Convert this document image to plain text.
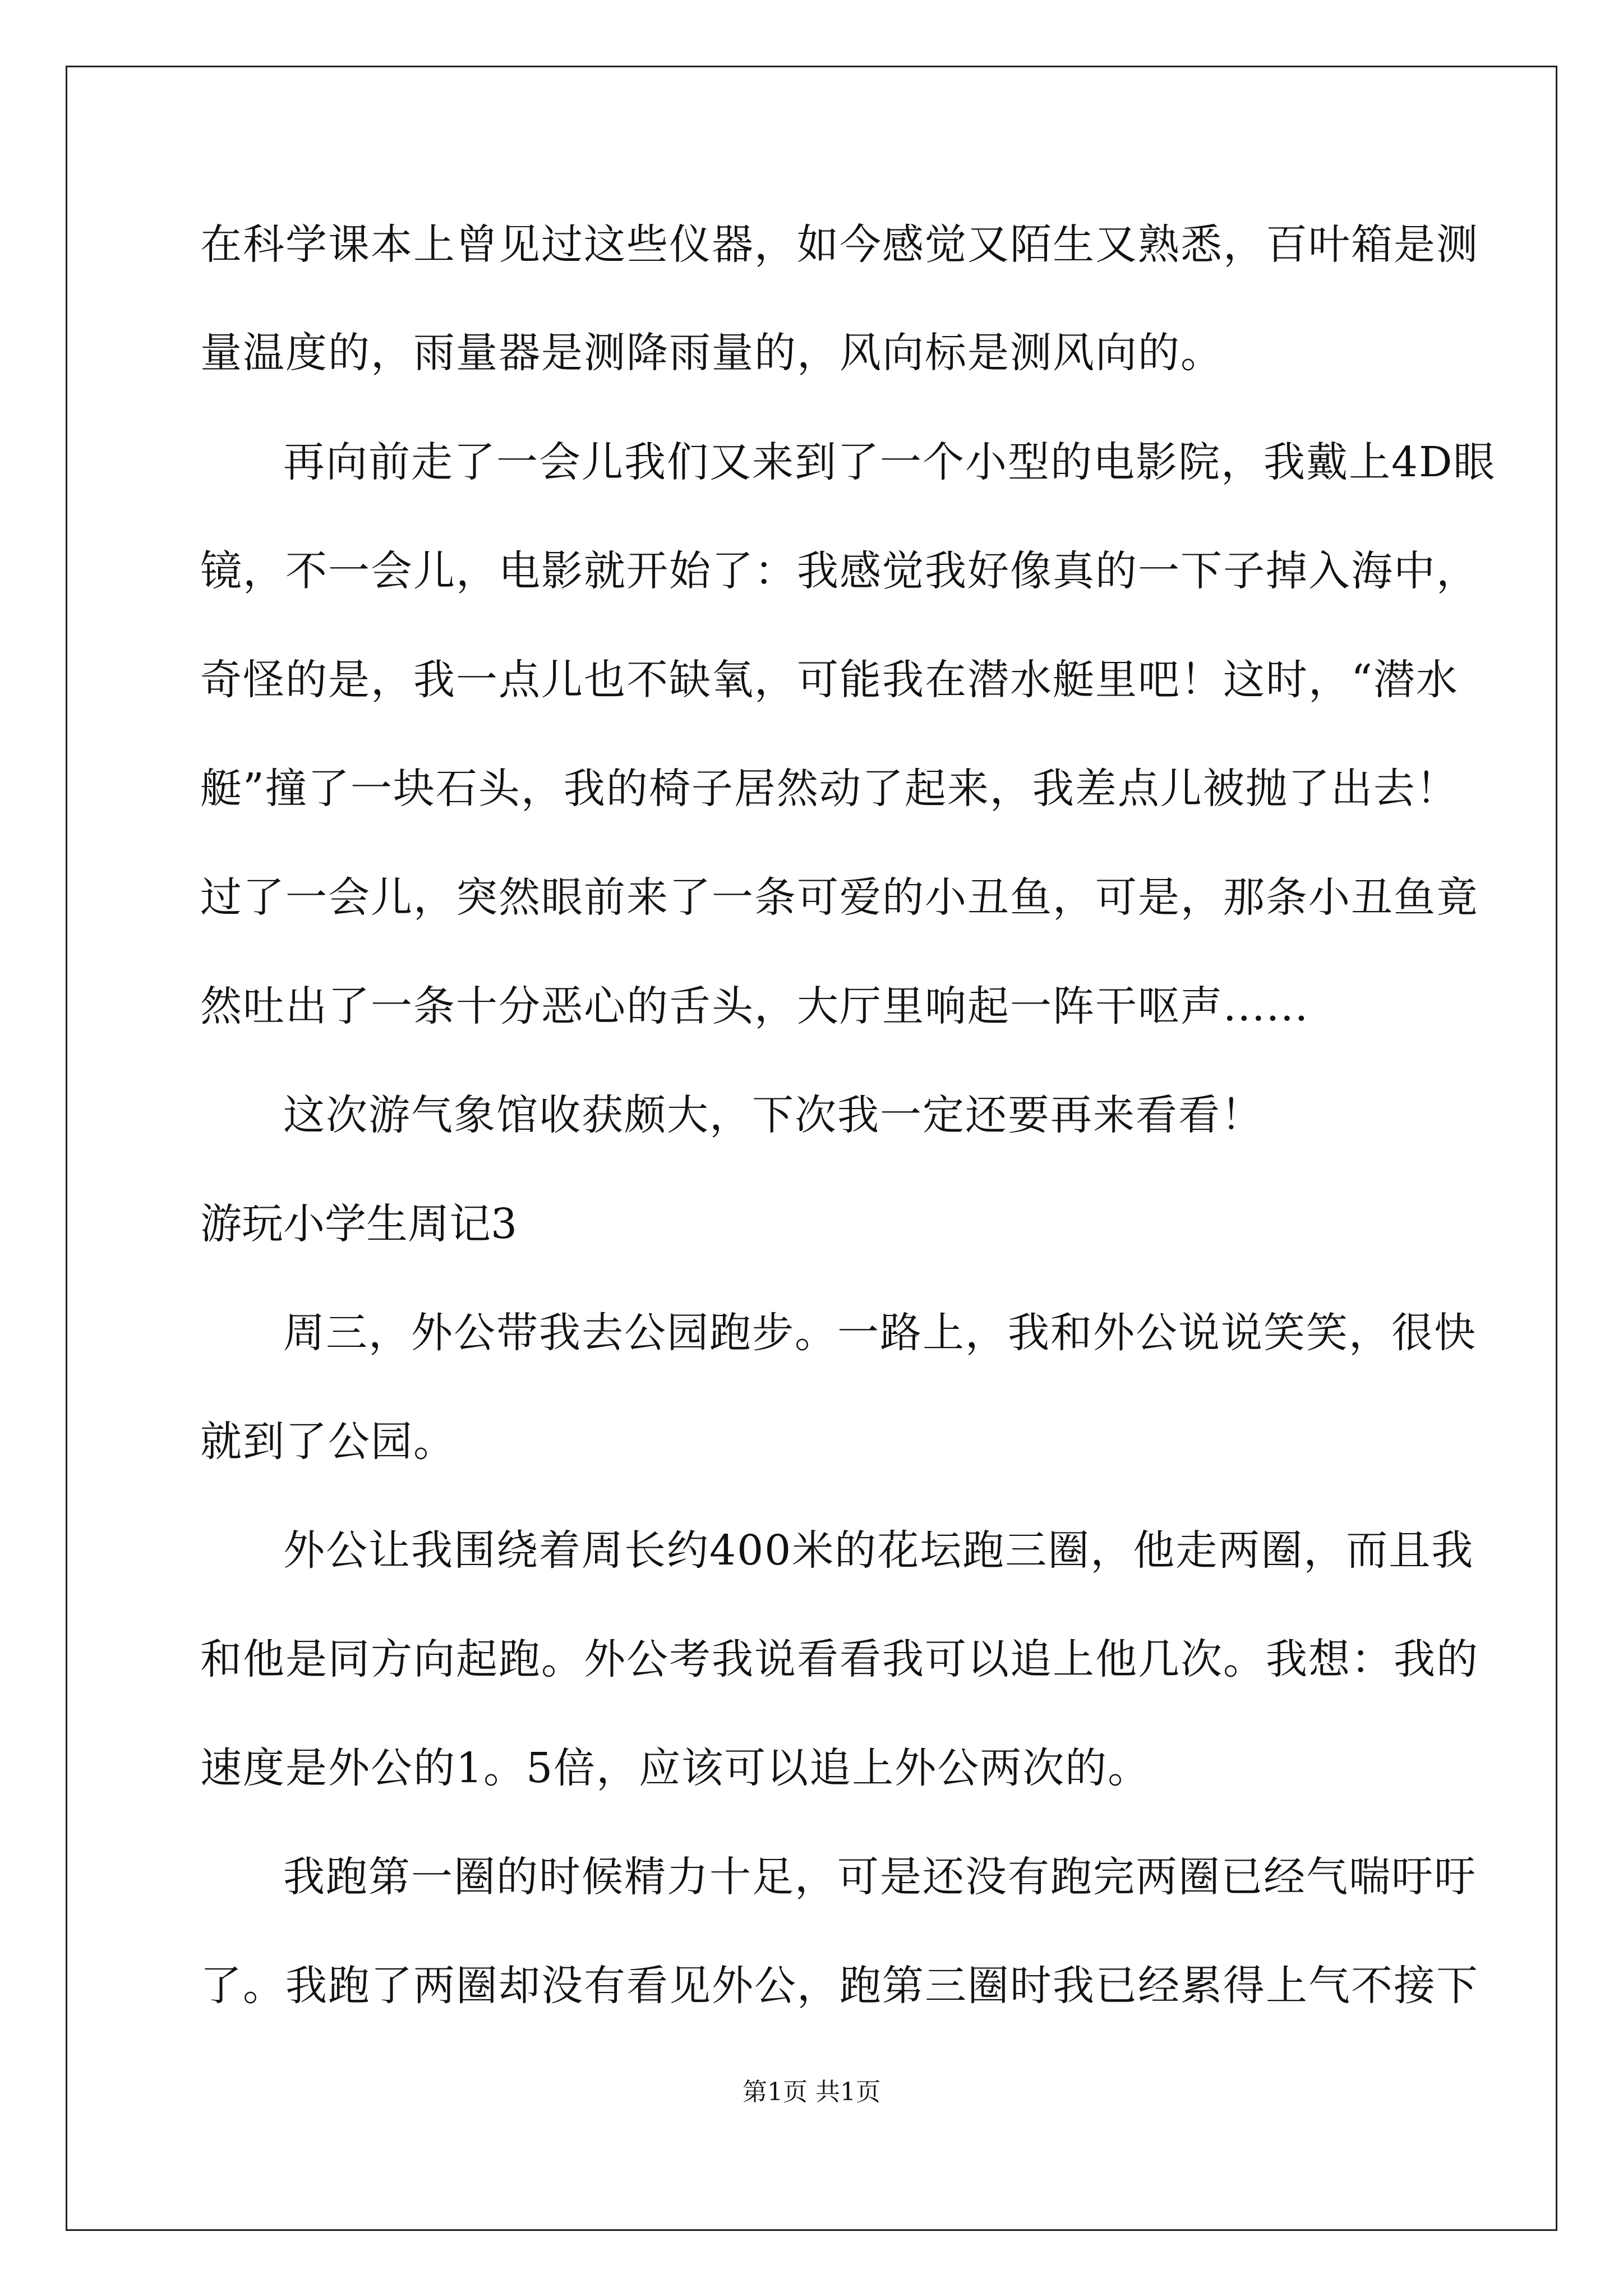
在科学课本上曾见过这些仪器，如今感觉又陌生又熟悉，百叶箱是测
量温度的，雨量器是测降雨量的，风向标是测风向的。
再向前走了一会儿我们又来到了一个小型的电影院，我戴上4D眼
镜，不一会儿，电影就开始了：我感觉我好像真的一下子掉入海中，
奇怪的是，我一点儿也不缺氧，可能我在潜水艇里吧！这时，“潜水
艇”撞了一块石头，我的椅子居然动了起来，我差点儿被抛了出去！
过了一会儿，突然眼前来了一条可爱的小丑鱼，可是，那条小丑鱼竟
然吐出了一条十分恶心的舌头，大厅里响起一阵干呕声......
这次游气象馆收获颇大，下次我一定还要再来看看！
游玩小学生周记3
周三，外公带我去公园跑步。一路上，我和外公说说笑笑，很快
就到了公园。
外公让我围绕着周长约400米的花坛跑三圈，他走两圈，而且我
和他是同方向起跑。外公考我说看看我可以追上他几次。我想：我的
速度是外公的1。5倍，应该可以追上外公两次的。
我跑第一圈的时候精力十足，可是还没有跑完两圈已经气喘吁吁
了。我跑了两圈却没有看见外公，跑第三圈时我已经累得上气不接下
第1页 共1页
